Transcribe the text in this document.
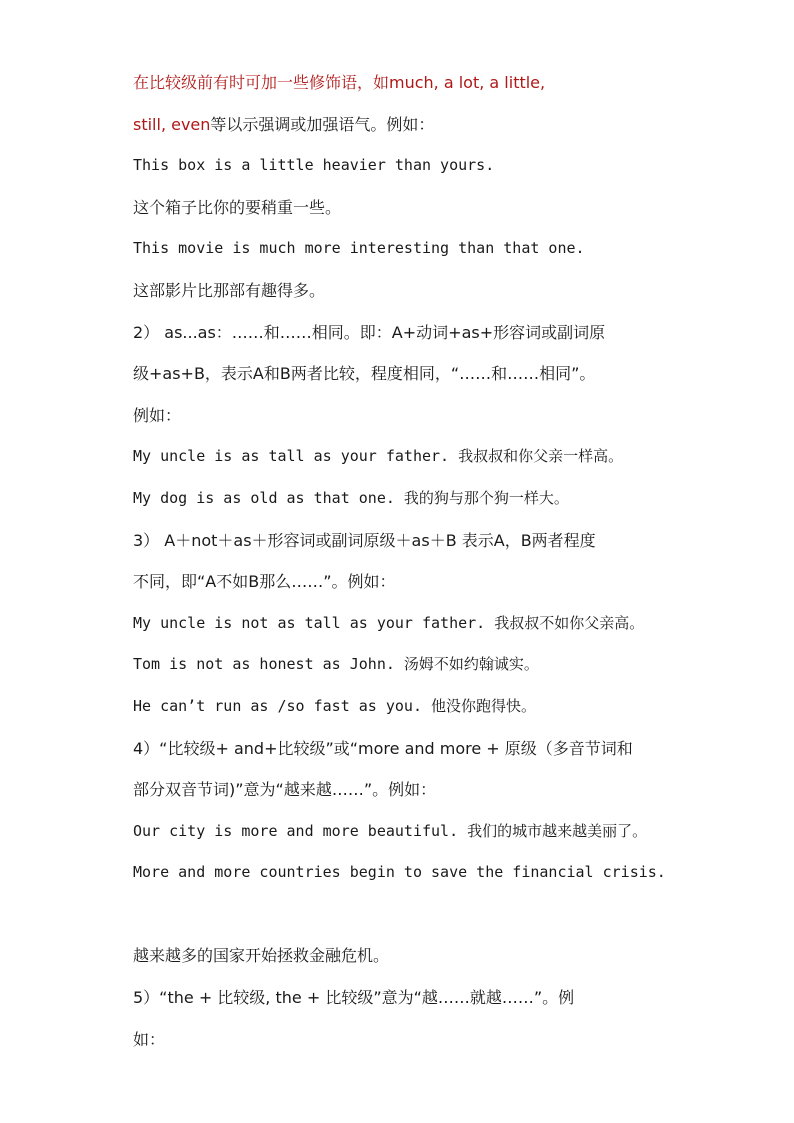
在比较级前有时可加一些修饰语，如much, a lot, a little,
still, even等以示强调或加强语气。例如：
This box is a little heavier than yours.
这个箱子比你的要稍重一些。
This movie is much more interesting than that one.
这部影片比那部有趣得多。
2） as...as：……和……相同。即：A+动词+as+形容词或副词原
级+as+B，表示A和B两者比较，程度相同，“……和……相同”。
例如：
My uncle is as tall as your father. 我叔叔和你父亲一样高。
My dog is as old as that one. 我的狗与那个狗一样大。
3） A＋not＋as＋形容词或副词原级＋as＋B 表示A，B两者程度
不同，即“A不如B那么……”。例如：
My uncle is not as tall as your father. 我叔叔不如你父亲高。
Tom is not as honest as John. 汤姆不如约翰诚实。
He can’t run as /so fast as you. 他没你跑得快。
4）“比较级+ and+比较级”或“more and more + 原级（多音节词和
部分双音节词)”意为“越来越……”。例如：
Our city is more and more beautiful. 我们的城市越来越美丽了。
More and more countries begin to save the financial crisis.
越来越多的国家开始拯救金融危机。
5）“the + 比较级, the + 比较级”意为“越……就越……”。例
如：
